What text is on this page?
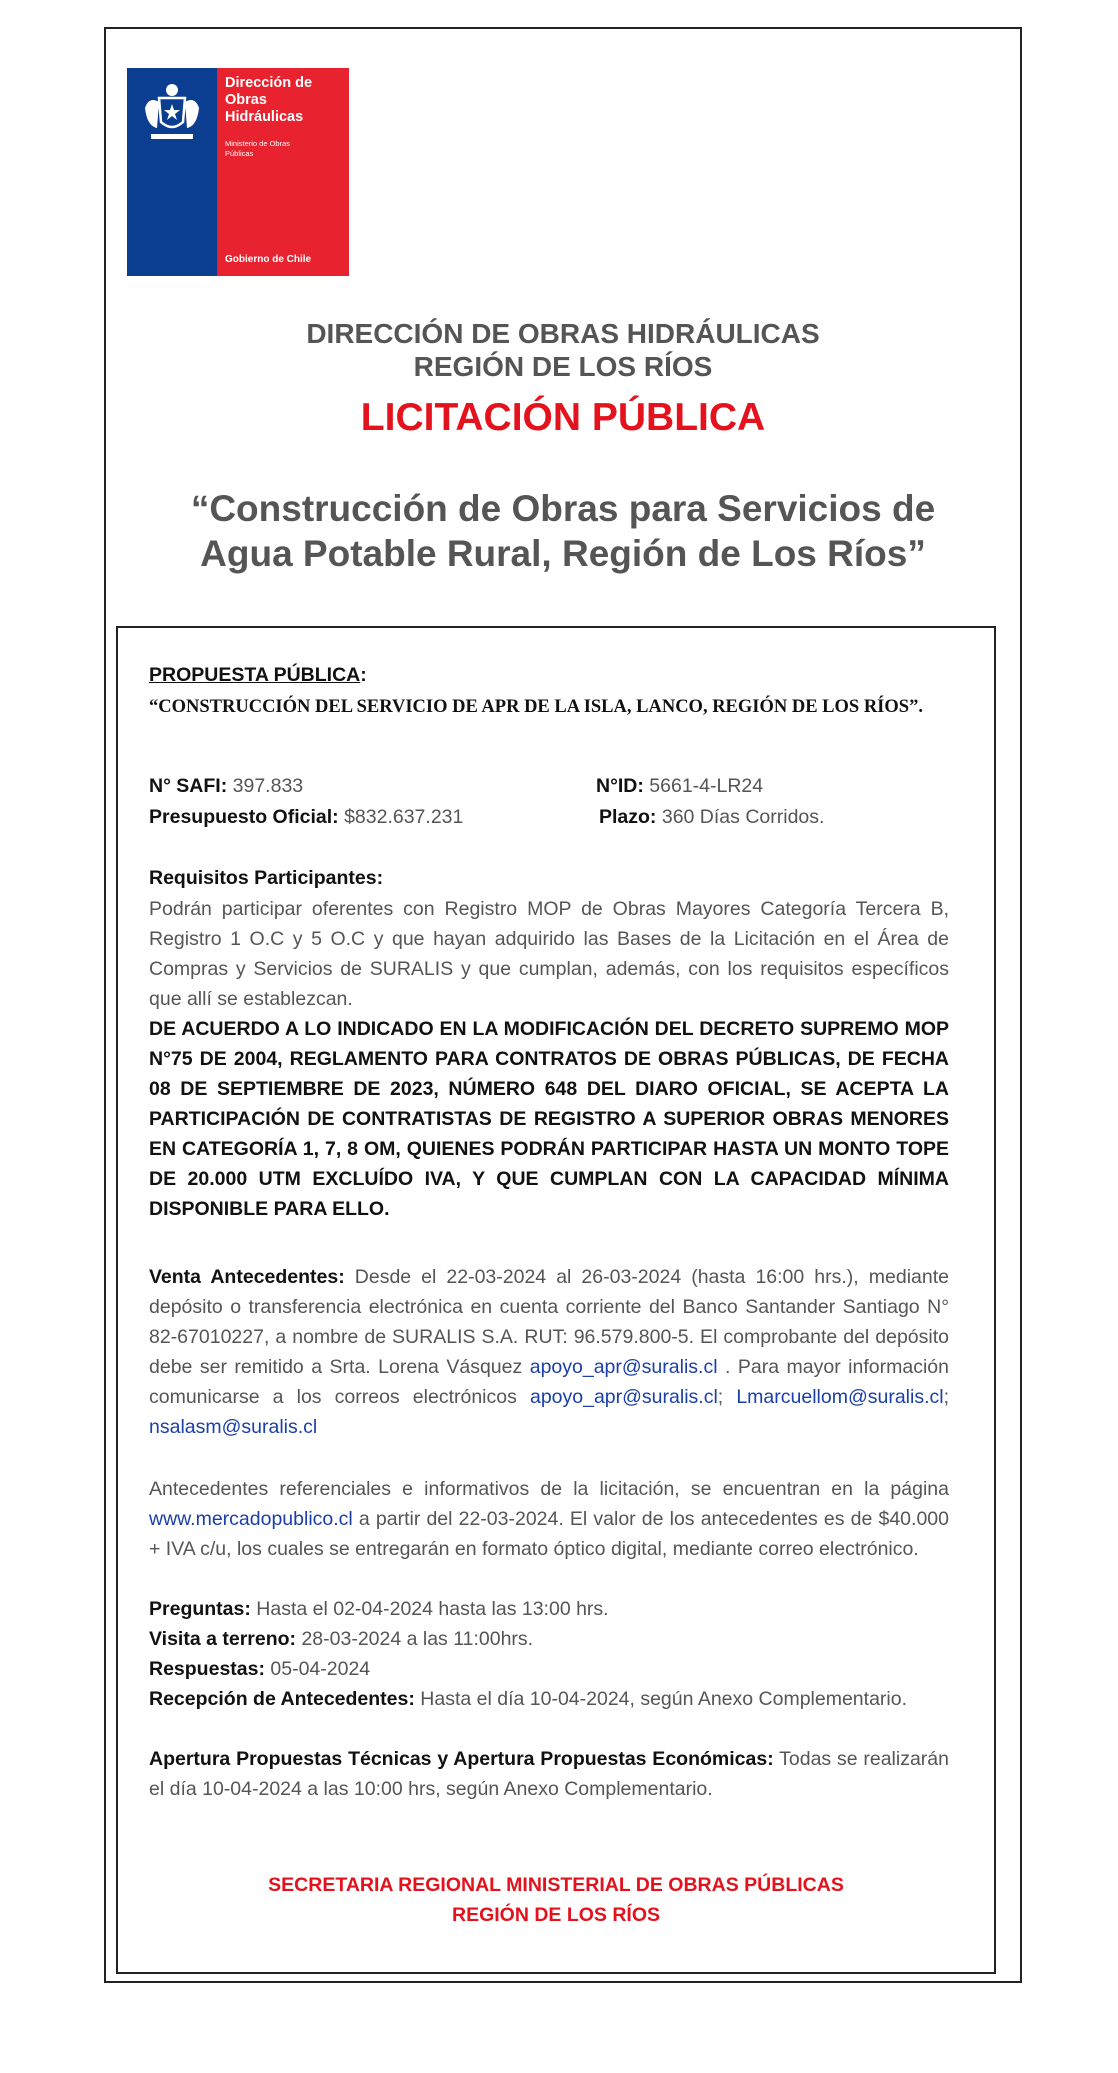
Dirección de
Obras
Hidráulicas
Ministerio de Obras
Públicas
Gobierno de Chile
DIRECCIÓN DE OBRAS HIDRÁULICAS
REGIÓN DE LOS RÍOS
LICITACIÓN PÚBLICA
“Construcción de Obras para Servicios de
Agua Potable Rural, Región de Los Ríos”
PROPUESTA PÚBLICA:
“CONSTRUCCIÓN DEL SERVICIO DE APR DE LA ISLA, LANCO, REGIÓN DE LOS RÍOS”.
N° SAFI: 397.833	N°ID: 5661-4-LR24
Presupuesto Oficial: $832.637.231	Plazo: 360 Días Corridos.
Requisitos Participantes:
Podrán participar oferentes con Registro MOP de Obras Mayores Categoría Tercera B, Registro 1 O.C y 5 O.C y que hayan adquirido las Bases de la Licitación en el Área de Compras y Servicios de SURALIS y que cumplan, además, con los requisitos específicos que allí se establezcan.
DE ACUERDO A LO INDICADO EN LA MODIFICACIÓN DEL DECRETO SUPREMO MOP N°75 DE 2004, REGLAMENTO PARA CONTRATOS DE OBRAS PÚBLICAS, DE FECHA 08 DE SEPTIEMBRE DE 2023, NÚMERO 648 DEL DIARO OFICIAL, SE ACEPTA LA PARTICIPACIÓN DE CONTRATISTAS DE REGISTRO A SUPERIOR OBRAS MENORES EN CATEGORÍA 1, 7, 8 OM, QUIENES PODRÁN PARTICIPAR HASTA UN MONTO TOPE DE 20.000 UTM EXCLUÍDO IVA, Y QUE CUMPLAN CON LA CAPACIDAD MÍNIMA DISPONIBLE PARA ELLO.
Venta Antecedentes: Desde el 22-03-2024 al 26-03-2024 (hasta 16:00 hrs.), mediante depósito o transferencia electrónica en cuenta corriente del Banco Santander Santiago N° 82-67010227, a nombre de SURALIS S.A. RUT: 96.579.800-5. El comprobante del depósito debe ser remitido a Srta. Lorena Vásquez apoyo_apr@suralis.cl . Para mayor información comunicarse a los correos electrónicos apoyo_apr@suralis.cl; Lmarcuellom@suralis.cl; nsalasm@suralis.cl
Antecedentes referenciales e informativos de la licitación, se encuentran en la página www.mercadopublico.cl a partir del 22-03-2024. El valor de los antecedentes es de $40.000 + IVA c/u, los cuales se entregarán en formato óptico digital, mediante correo electrónico.
Preguntas: Hasta el 02-04-2024 hasta las 13:00 hrs.
Visita a terreno: 28-03-2024 a las 11:00hrs.
Respuestas: 05-04-2024
Recepción de Antecedentes: Hasta el día 10-04-2024, según Anexo Complementario.
Apertura Propuestas Técnicas y Apertura Propuestas Económicas: Todas se realizarán el día 10-04-2024 a las 10:00 hrs, según Anexo Complementario.
SECRETARIA REGIONAL MINISTERIAL DE OBRAS PÚBLICAS
REGIÓN DE LOS RÍOS
